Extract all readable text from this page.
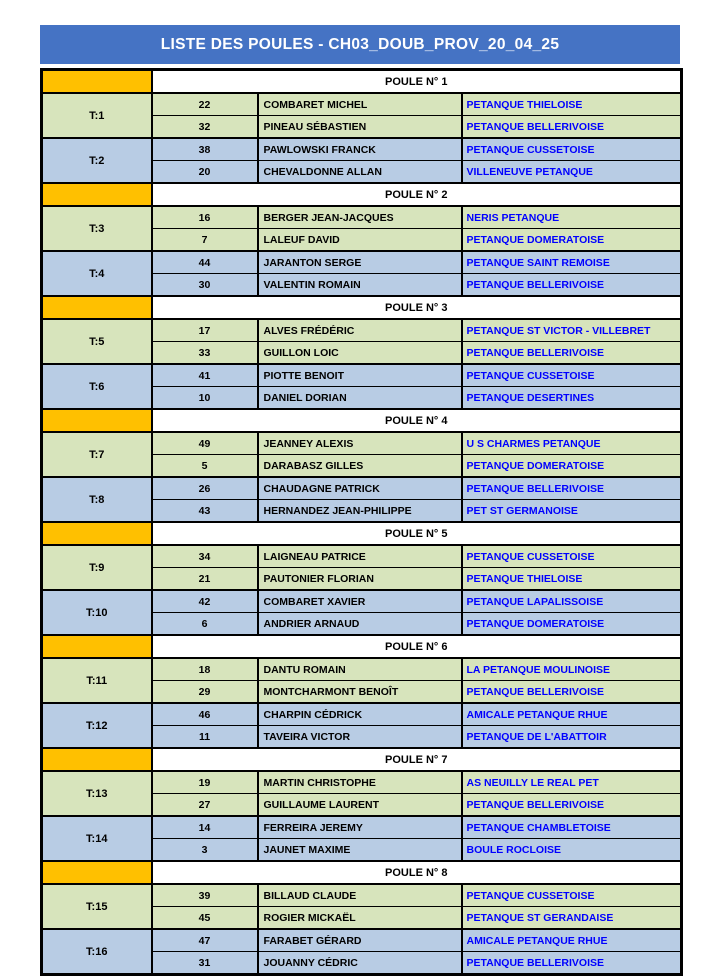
LISTE DES POULES - CH03_DOUB_PROV_20_04_25
	POULE N° 1		
T:1	22	COMBARET MICHEL	PETANQUE THIELOISE
	32	PINEAU SÉBASTIEN	PETANQUE BELLERIVOISE
T:2	38	PAWLOWSKI FRANCK	PETANQUE CUSSETOISE
	20	CHEVALDONNE ALLAN	VILLENEUVE PETANQUE
	POULE N° 2		
T:3	16	BERGER JEAN-JACQUES	NERIS PETANQUE
	7	LALEUF DAVID	PETANQUE DOMERATOISE
T:4	44	JARANTON SERGE	PETANQUE SAINT REMOISE
	30	VALENTIN ROMAIN	PETANQUE BELLERIVOISE
	POULE N° 3		
T:5	17	ALVES FRÉDÉRIC	PETANQUE ST VICTOR - VILLEBRET
	33	GUILLON LOIC	PETANQUE BELLERIVOISE
T:6	41	PIOTTE BENOIT	PETANQUE CUSSETOISE
	10	DANIEL DORIAN	PETANQUE DESERTINES
	POULE N° 4		
T:7	49	JEANNEY ALEXIS	U S CHARMES PETANQUE
	5	DARABASZ GILLES	PETANQUE DOMERATOISE
T:8	26	CHAUDAGNE PATRICK	PETANQUE BELLERIVOISE
	43	HERNANDEZ JEAN-PHILIPPE	PET ST GERMANOISE
	POULE N° 5		
T:9	34	LAIGNEAU PATRICE	PETANQUE CUSSETOISE
	21	PAUTONIER FLORIAN	PETANQUE THIELOISE
T:10	42	COMBARET XAVIER	PETANQUE LAPALISSOISE
	6	ANDRIER ARNAUD	PETANQUE DOMERATOISE
	POULE N° 6		
T:11	18	DANTU ROMAIN	LA PETANQUE MOULINOISE
	29	MONTCHARMONT BENOÎT	PETANQUE BELLERIVOISE
T:12	46	CHARPIN CÉDRICK	AMICALE PETANQUE RHUE
	11	TAVEIRA VICTOR	PETANQUE DE L'ABATTOIR
	POULE N° 7		
T:13	19	MARTIN CHRISTOPHE	AS NEUILLY LE REAL PET
	27	GUILLAUME LAURENT	PETANQUE BELLERIVOISE
T:14	14	FERREIRA JEREMY	PETANQUE CHAMBLETOISE
	3	JAUNET MAXIME	BOULE ROCLOISE
	POULE N° 8		
T:15	39	BILLAUD CLAUDE	PETANQUE CUSSETOISE
	45	ROGIER MICKAËL	PETANQUE ST GERANDAISE
T:16	47	FARABET GÉRARD	AMICALE PETANQUE RHUE
	31	JOUANNY CÉDRIC	PETANQUE BELLERIVOISE
